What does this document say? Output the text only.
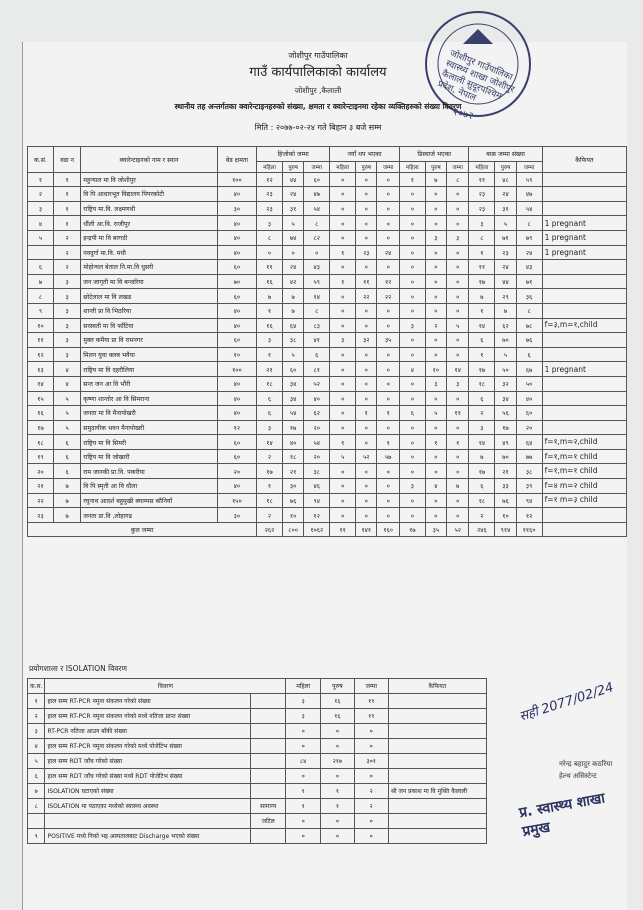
जोशीपुर गाउँपालिका स्वास्थ्य शाखा जोशीपुर कैलाली सुदूरपश्चिम प्रदेश, नेपाल
२०७२
जोशीपुर गाउँपालिका
गाउँ कार्यपालिकाको कार्यालय
जोशीपुर ,कैलाली
स्थानीय तह अन्तर्गतका क्वारेन्टाइनहरुको संख्या, क्षमता र क्वारेन्टाइनमा रहेका व्यक्तिहरुको संख्या विवरण
मिति : २०७७-०२-२४ गते बिहान ३ बजे सम्म
क.सं.	वडा न	क्वारेन्टाइनको नाम र स्थान	बेड क्षमता	हिजोको जम्मा			नयाँ थप भएका			डिस्चार्ज भएका			बाक़ जम्मा संख्या			कैफियत
				महिला	पुरुष	जम्मा	महिला	पुरुष	जम्मा	महिला	पुरुष	जम्मा	महिला	पुरुष	जम्मा	
१	१	महुन्याल मा वि जोशीपुर	१००	१२	४४	६०	०	०	०	१	७	८	११	४८	५९	
२	१	वि पि आधारभूत विद्यालय पिपरकोटी	४०	२३	२४	४७	०	०	०	०	०	०	२३	२४	४७	
३	१	राष्ट्रिय मा.वि. लक्ष्मणथी	३०	२३	३१	५४	०	०	०	०	०	०	२३	३१	५४	
४	१	धौंली आ.वि. राजीपुर	४०	३	५	८	०	०	०	०	०	०	३	५	८	1 pregnant
५	२	इन्द्रपी मा वि बरगदी	४०	८	७४	८२	०	०	०	०	३	३	८	७१	७९	1 pregnant
	२	नवदुर्गा मा.वि. मधी	४०	०	०	०	१	२३	२४	०	०	०	१	२३	२४	1 pregnant
६	२	मोहोन्यल बेताल नि.मा.वि धुसरी	६०	११	२४	४३	०	०	०	०	०	०	११	२४	४३	
७	३	जन जागृती मा वि बन्जरिया	७०	१६	४२	५९	१	११	१२	०	०	०	१७	४४	७१	
८	३	छोटेलाल मा वि लखड	६०	७	७	१४	०	२२	२२	०	०	०	७	२९	३६	
९	३	शान्ती प्रा वि भिठरिया	४०	१	७	८	०	०	०	०	०	०	१	७	८	
१०	३	सरस्वती मा वि फाँटिया	४०	१६	६४	८३	०	०	०	३	२	५	१४	६२	७८	f=३,m=१,child
११	३	मुक्त कमैया प्रा वि रामनगर	६०	३	३८	४१	३	३२	३५	०	०	०	६	७०	७६	
१२	३	मिलन युवा क्लब भवैया	१०	१	५	६	०	०	०	०	०	०	१	५	६	
१३	४	राष्ट्रिय मा वि दहरौलिया	१००	२१	६०	८१	०	०	०	४	१०	१४	१७	५०	६७	1 pregnant
१४	४	सन्त जन आ वि भौंरी	४०	१८	३४	५२	०	०	०	०	३	३	१८	३२	५०	
१५	५	कृष्णा शान्तोर आ वि सिमराना	४०	६	३४	४०	०	०	०	०	०	०	६	३४	४०	
१६	५	जनता मा वि मैनापोखरी	४०	६	५४	६२	०	१	१	६	५	११	२	५६	६०	
१७	५	समुदायीक भवन मैनापोखरी	१२	३	१७	२०	०	०	०	०	०	०	३	१७	२०	
१८	६	राष्ट्रिय मा वि सिमरी	६०	१४	४०	५४	१	०	१	०	१	१	१४	४९	६४	f=१,m=२,child
१९	६	राष्ट्रिय मा वि जोखारी	६०	२	१८	२०	५	५२	५७	०	०	०	७	७०	७७	f=१,m=१ child
२०	६	राम जानकी प्रा.वि. पकरीया	२०	१७	२१	३८	०	०	०	०	०	०	१७	२१	३८	f=१,m=१ child
२१	७	वि पि स्मृती आ वि धौला	४०	१	३०	४६	०	०	०	३	४	७	६	३३	३९	f=४ m=२ child
२२	७	रघुनाथ आदर्श बहुमुखी क्याम्पस कौनियाँ	१५०	१८	७६	९४	०	०	०	०	०	०	१८	७६	९४	f=१ m=३ child
२३	७	जनता प्रा.वि ,लोहागढ	३०	२	१०	१२	०	०	०	०	०	०	२	१०	१२	
कुल जम्मा				२६२	८००	१०६२	११	१४१	१६०	१७	३५	५२	२४६	९१४	११६०	
प्रयोगशाला र ISOLATION विवरण
क.स.	विवरण		महिला	पुरुष	जम्मा	कैफियत
१	हाल सम्म RT-PCR नमुना संकलन गरेको संख्या		३	१६	१९	
२	हाल सम्म RT-PCR नमुना संकलन गरेको मध्ये नतिजा प्राप्त संख्या		३	१६	१९	
३	RT-PCR नतिजा आउन बाँकी संख्या		०	०	०	
४	हाल सम्म RT-PCR नमुना संकलन गरेको मध्ये पोजेटिभ संख्या		०	०	०	
५	हाल सम्म RDT जाँच गरेको संख्या		८४	२१७	३०१	
६	हाल सम्म RDT जाँच गरेको संख्या मध्ये RDT पोजेटिभ संख्या		०	०	०	
७	ISOLATION घटाएको संख्या		१	१	२	श्री जन प्रकाश मा वि मुक्ति कैलाली
८	ISOLATION मा पठाएका मध्येको स्वास्थ्य अवस्था	सामान्य	१	१	२	
		जटिल	०	०	०	
९	POSITIVE मध्ये निको भइ अस्पतालबाट Discharge भएको संख्या		०	०	०	
सही 2077/02/24
नरेन्द्र बहादुर कठरिया
हेल्थ असिस्टेन्ट
प्र. स्वास्थ्य शाखा प्रमुख
